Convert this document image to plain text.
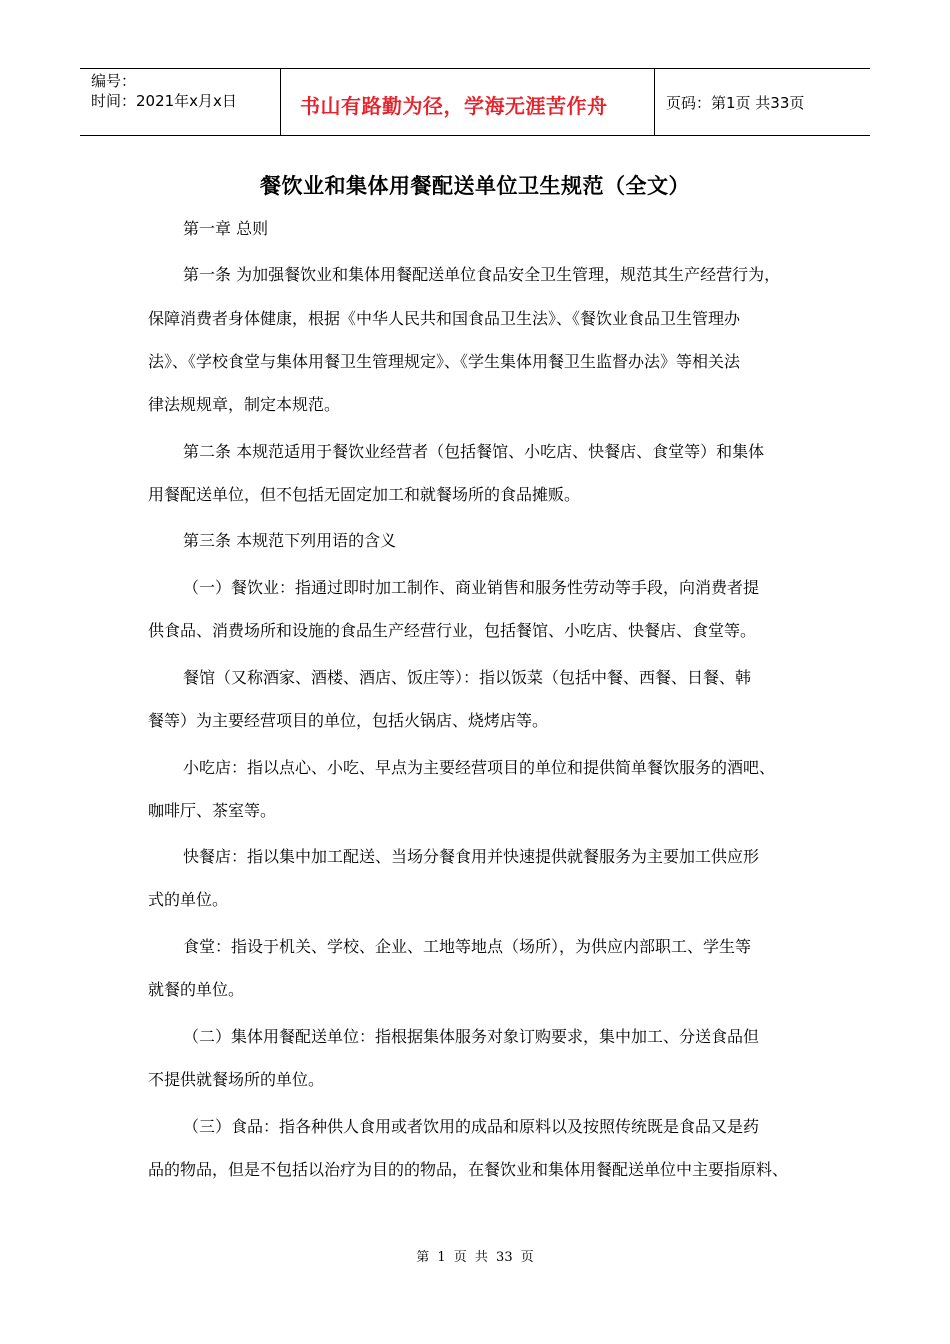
编号：
时间：2021年x月x日	书山有路勤为径，学海无涯苦作舟	页码：第1页 共33页
餐饮业和集体用餐配送单位卫生规范（全文）
第一章 总则
第一条 为加强餐饮业和集体用餐配送单位食品安全卫生管理，规范其生产经营行为，
保障消费者身体健康，根据《中华人民共和国食品卫生法》、《餐饮业食品卫生管理办
法》、《学校食堂与集体用餐卫生管理规定》、《学生集体用餐卫生监督办法》等相关法
律法规规章，制定本规范。
第二条 本规范适用于餐饮业经营者（包括餐馆、小吃店、快餐店、食堂等）和集体
用餐配送单位，但不包括无固定加工和就餐场所的食品摊贩。
第三条 本规范下列用语的含义
（一）餐饮业：指通过即时加工制作、商业销售和服务性劳动等手段，向消费者提
供食品、消费场所和设施的食品生产经营行业，包括餐馆、小吃店、快餐店、食堂等。
餐馆（又称酒家、酒楼、酒店、饭庄等）：指以饭菜（包括中餐、西餐、日餐、韩
餐等）为主要经营项目的单位，包括火锅店、烧烤店等。
小吃店：指以点心、小吃、早点为主要经营项目的单位和提供简单餐饮服务的酒吧、
咖啡厅、茶室等。
快餐店：指以集中加工配送、当场分餐食用并快速提供就餐服务为主要加工供应形
式的单位。
食堂：指设于机关、学校、企业、工地等地点（场所），为供应内部职工、学生等
就餐的单位。
（二）集体用餐配送单位：指根据集体服务对象订购要求，集中加工、分送食品但
不提供就餐场所的单位。
（三）食品：指各种供人食用或者饮用的成品和原料以及按照传统既是食品又是药
品的物品，但是不包括以治疗为目的的物品，在餐饮业和集体用餐配送单位中主要指原料、
第 1 页 共 33 页
